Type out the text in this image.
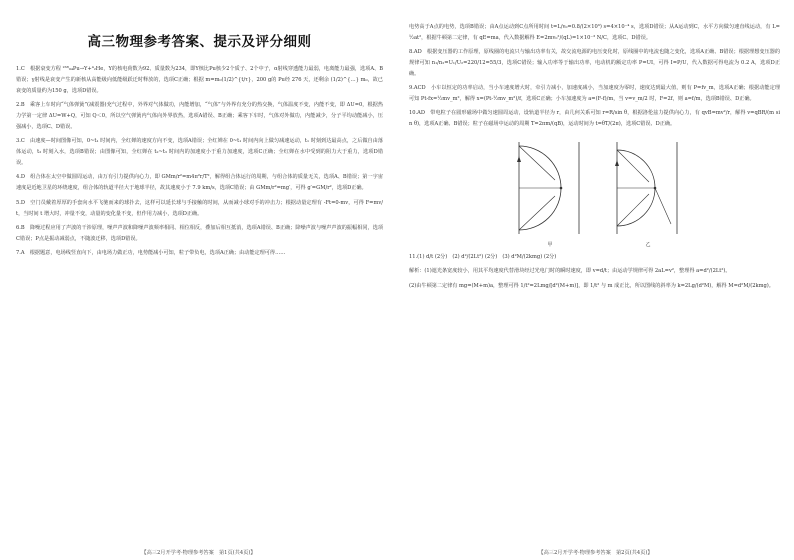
高三物理参考答案、提示及评分细则

1.C　根据衰变方程 ²³⁸₉₄Pu→Y+⁴₂He，Y的核电荷数为92、质量数为234，即Y核比Pu核少2个质子、2个中子，α射线穿透能力最弱，电离能力最强，选项A、B错误；γ射线是衰变产生的新核从高能级向低能级跃迁时释放的，选项C正确；根据 m=m₀(1/2)^{t/τ}，200 g的 Pu经 276 天，还剩余 (1/2)^{…} m₀，故已衰变的质量约为150 g，选项D错误。

2.B　乘客上车时向“气体弹簧”(减震器)充气过程中，外界对气体做功，内能增加，“气体”与外界有充分的热交换，气体温度不变，内能不变，即 ΔU=0，根据热力学第一定律 ΔU=W+Q，可知 Q＜0，所以空气弹簧内气体向外界放热，选项A错误、B正确；乘客下车时，气体对外做功，内能减少，分子平均动能减小，压强减小，选项C、D错误。

3.C　由速度—时间图像可知，0~t₁ 时间内，全红婵的速度方向不变，选项A错误；全红婵在 0~t₁ 时间内向上做匀减速运动，t₁ 时刻到达最高点，之后做自由落体运动，t₂ 时刻入水，选项B错误；由图像可知，全红婵在 t₂~t₃ 时间内的加速度小于重力加速度，选项C正确；全红婵在水中受到的阻力大于重力，选项D错误。

4.D　组合体在太空中做圆周运动，由万有引力提供向心力，即 GMm/r²=m4π²r/T²，解得组合体运行的周期，与组合体的质量无关，选项A、B错误；第一宇宙速度是近地卫星的环绕速度，组合体的轨道半径大于地球半径，故其速度小于 7.9 km/s，选项C错误；由 GMm/r²=mg′，可得 g′=GM/r²，选项D正确。

5.D　空门员戴着厚厚的手套向水平飞驰而来的球扑去，这样可以延长球与手接触的时间，从而减小球对手的冲击力；根据动量定理有 -Ft=0-mv，可得 F=mv/t，当时间 t 增大时，冲量不变，动量的变化量不变，但作用力减小，选项D正确。

6.B　降噪过程应用了声波的干涉原理，噪声声波和降噪声波频率相同、相位相反，叠加后相互抵消，选项A错误、B正确；降噪声波与噪声声波的振幅相同，选项C错误；P点是振动减弱点，不随波迁移，选项D错误。

7.A　根据题意，电场线竖直向下，由电场力做正功，电势能减小可知，粒子带负电，选项A正确；由动能定理可得……

【高三2月开学考·物理参考答案　第1页(共4页)】

电势高于A点的电势，选项B错误；由A点运动到C点所用时间 t=L/v₀=0.8/(2×10³) s=4×10⁻⁴ s，选项D错误；从A运动到C，水平方向做匀速直线运动，有 L=½at²，根据牛顿第二定律，有 qE=ma，代入数据解得 E=2mv₀²/(qL)=1×10⁻³ N/C，选项C、D错误。

8.AD　根据变压器的工作原理，原线圈的电流只与输出功率有关，故交流电源的电压变化时，原线圈中的电流也随之变化，选项A正确、B错误；根据理想变压器的规律可知 n₁/n₂=U₁/U₂=220/12=55/3，选项C错误；输入功率等于输出功率，电动机的额定功率 P=UI，可得 I=P/U，代入数据可得电流为 0.2 A，选项D正确。

9.ACD　小车以恒定的功率启动，当小车速度增大时，牵引力减小，加速度减小，当加速度为零时，速度达到最大值，则有 P=fv_m，选项A正确；根据动能定理可知 Pt-fx=½mv_m²，解得 x=(Pt-½mv_m²)/f，选项C正确；小车加速度为 a=(F-f)/m，当 v=v_m/2 时，F=2f，则 a=f/m，选项B错误、D正确。

10.AD　带电粒子在圆形磁场中做匀速圆周运动，设轨道半径为 r，由几何关系可知 r=R/sin θ，根据洛伦兹力提供向心力，有 qvB=mv²/r，解得 v=qBR/(m sin θ)，选项A正确、B错误；粒子在磁场中运动的周期 T=2πm/(qB)，运动时间为 t=θT/(2π)，选项C错误、D正确。

甲	乙

11.(1) d/t (2分)　(2) d²/(2Lt²) (2分)　(3) d²M/(2kmg) (2分)

解析：(1)遮光条宽度较小，用其平均速度代替滑块经过光电门时的瞬时速度，即 v=d/t；由运动学规律可得 2aL=v²，整理得 a=d²/(2Lt²)。

(2)由牛顿第二定律有 mg=(M+m)a，整理可得 1/t²=2Lmg/[d²(M+m)]，即 1/t² 与 m 成正比，所以图线的斜率为 k=2Lg/(d²M)，解得 M=d²M/(2kmg)。

【高三2月开学考·物理参考答案　第2页(共4页)】
